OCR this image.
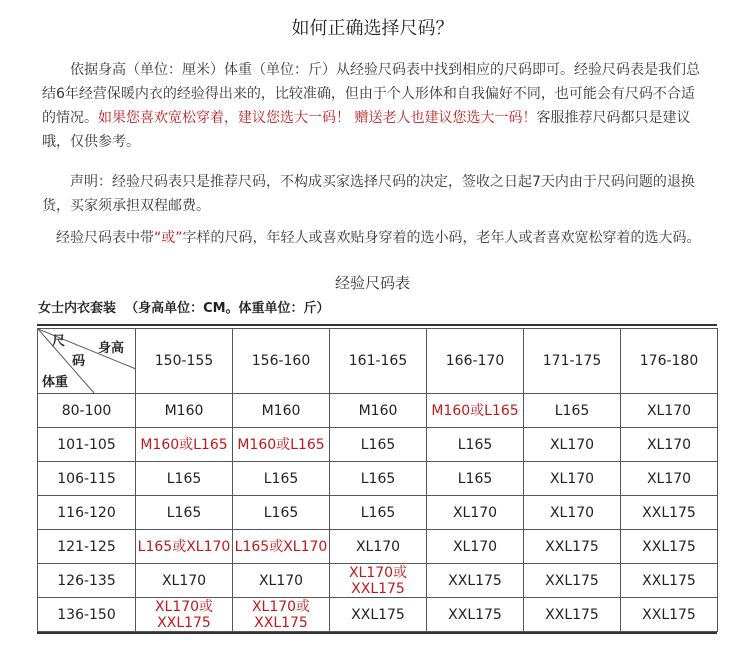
如何正确选择尺码？

依据身高（单位：厘米）体重（单位：斤）从经验尺码表中找到相应的尺码即可。经验尺码表是我们总结6年经营保暖内衣的经验得出来的，比较准确，但由于个人形体和自我偏好不同，也可能会有尺码不合适的情况。如果您喜欢宽松穿着，建议您选大一码！ 赠送老人也建议您选大一码！客服推荐尺码都只是建议哦，仅供参考。

声明：经验尺码表只是推荐尺码，不构成买家选择尺码的决定，签收之日起7天内由于尺码问题的退换货，买家须承担双程邮费。

经验尺码表中带“或”字样的尺码，年轻人或喜欢贴身穿着的选小码，老年人或者喜欢宽松穿着的选大码。

经验尺码表
女士内衣套装 （身高单位：CM。体重单位：斤）
尺
码
身高
体重	150-155	156-160	161-165	166-170	171-175	176-180
80-100	M160	M160	M160	M160或L165	L165	XL170
101-105	M160或L165	M160或L165	L165	L165	XL170	XL170
106-115	L165	L165	L165	L165	XL170	XL170
116-120	L165	L165	L165	XL170	XL170	XXL175
121-125	L165或XL170	L165或XL170	XL170	XL170	XXL175	XXL175
126-135	XL170	XL170	XL170或XXL175	XXL175	XXL175	XXL175
136-150	XL170或XXL175	XL170或XXL175	XXL175	XXL175	XXL175	XXL175
